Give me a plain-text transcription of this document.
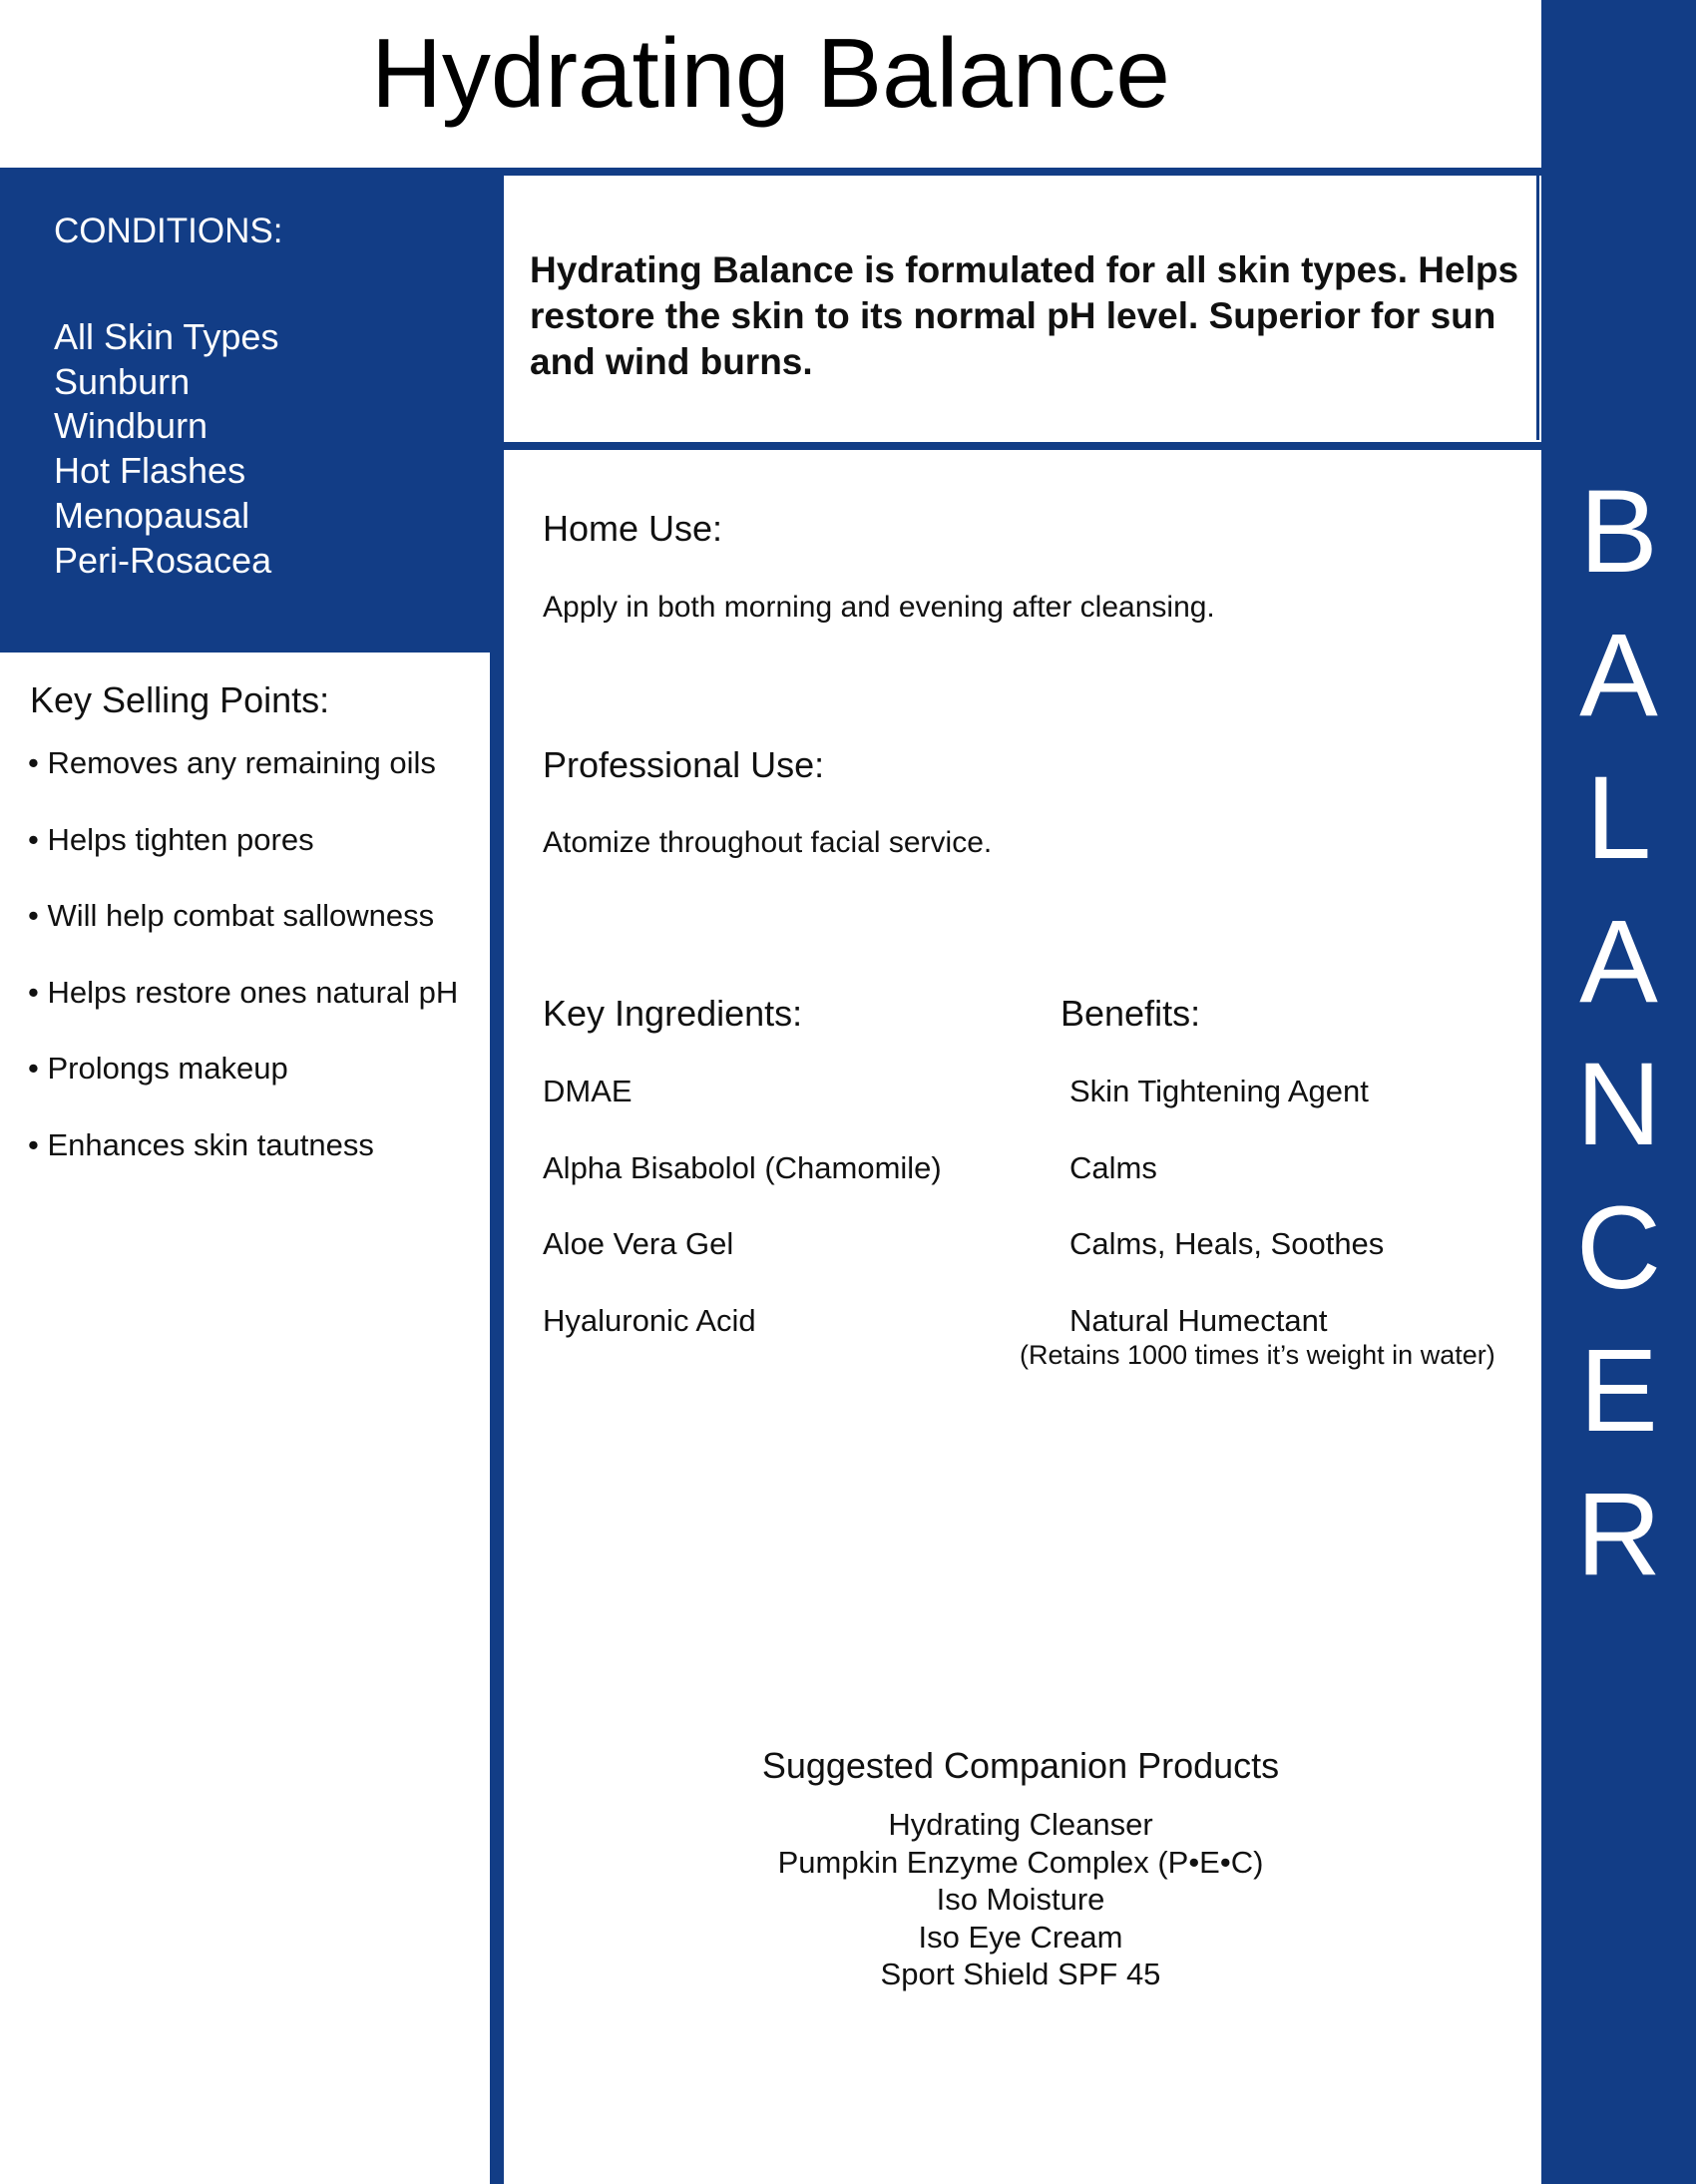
Hydrating Balance
B
A
L
A
N
C
E
R
CONDITIONS:
All Skin Types
Sunburn
Windburn
Hot Flashes
Menopausal
Peri-Rosacea
Hydrating Balance is formulated for all skin types. Helps restore the skin to its normal pH level. Superior for sun and wind burns.
Key Selling Points:
• Removes any remaining oils
• Helps tighten pores
• Will help combat sallowness
• Helps restore ones natural pH
• Prolongs makeup
• Enhances skin tautness
Home Use:
Apply in both morning and evening after cleansing.
Professional Use:
Atomize throughout facial service.
Key Ingredients:	Benefits:
DMAE
Alpha Bisabolol (Chamomile)
Aloe Vera Gel
Hyaluronic Acid
Skin Tightening Agent
Calms
Calms, Heals, Soothes
Natural Humectant
(Retains 1000 times it’s weight in water)
Suggested Companion Products
Hydrating Cleanser
Pumpkin Enzyme Complex (P•E•C)
Iso Moisture
Iso Eye Cream
Sport Shield SPF 45
